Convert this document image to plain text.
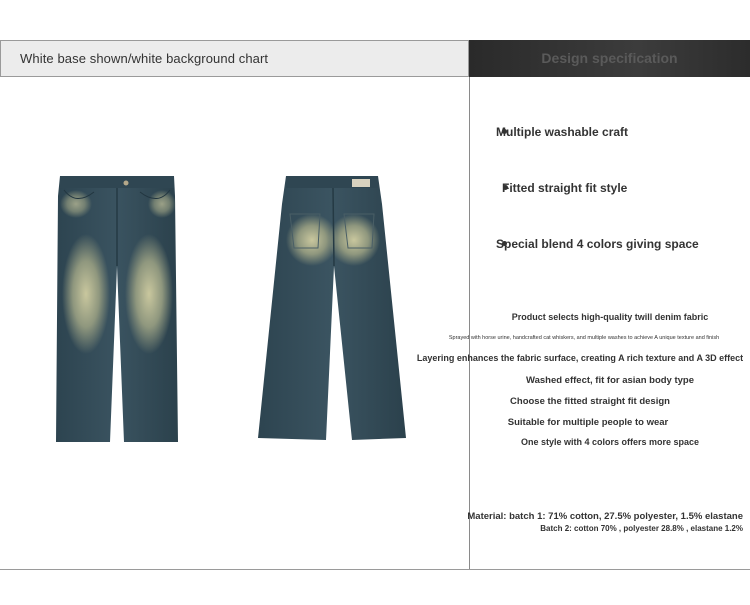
White base shown/white background chart	Design specification
Multiple washable craft
Fitted straight fit style
Special blend 4 colors giving space
Product selects high-quality twill denim fabric
Sprayed with horse urine, handcrafted cat whiskers, and multiple washes to achieve A unique texture and finish
Layering enhances the fabric surface, creating A rich texture and A 3D effect
Washed effect, fit for asian body type
Choose the fitted straight fit design
Suitable for multiple people to wear
One style with 4 colors offers more space
Material: batch 1: 71% cotton, 27.5% polyester, 1.5% elastane
Batch 2: cotton 70% , polyester 28.8% , elastane 1.2%
